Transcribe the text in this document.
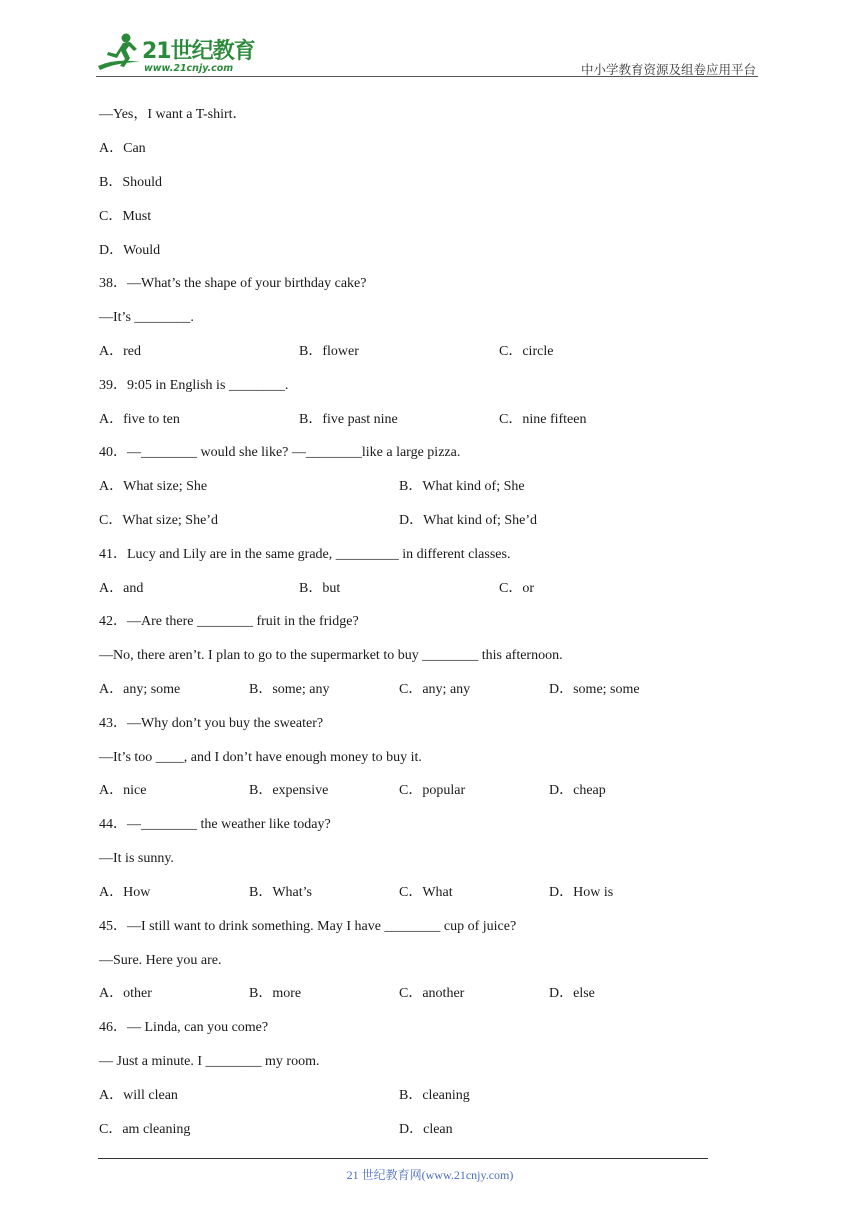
21世纪教育
www.21cnjy.com	中小学教育资源及组卷应用平台
—Yes，I want a T-shirt．
A．Can
B．Should
C．Must
D．Would
38．—What’s the shape of your birthday cake?
—It’s ________.
A．red	B．flower	C．circle
39．9:05 in English is ________.
A．five to ten	B．five past nine	C．nine fifteen
40．—________ would she like? —________like a large pizza.
A．What size; She	B．What kind of; She
C．What size; She’d	D．What kind of; She’d
41．Lucy and Lily are in the same grade, _________ in different classes.
A．and	B．but	C．or
42．—Are there ________ fruit in the fridge?
—No, there aren’t. I plan to go to the supermarket to buy ________ this afternoon.
A．any; some	B．some; any	C．any; any	D．some; some
43．—Why don’t you buy the sweater?
—It’s too ____, and I don’t have enough money to buy it.
A．nice	B．expensive	C．popular	D．cheap
44．—________ the weather like today?
—It is sunny.
A．How	B．What’s	C．What	D．How is
45．—I still want to drink something. May I have ________ cup of juice?
—Sure. Here you are.
A．other	B．more	C．another	D．else
46．— Linda, can you come?
— Just a minute. I ________ my room.
A．will clean	B．cleaning
C．am cleaning	D．clean
21 世纪教育网(www.21cnjy.com)
